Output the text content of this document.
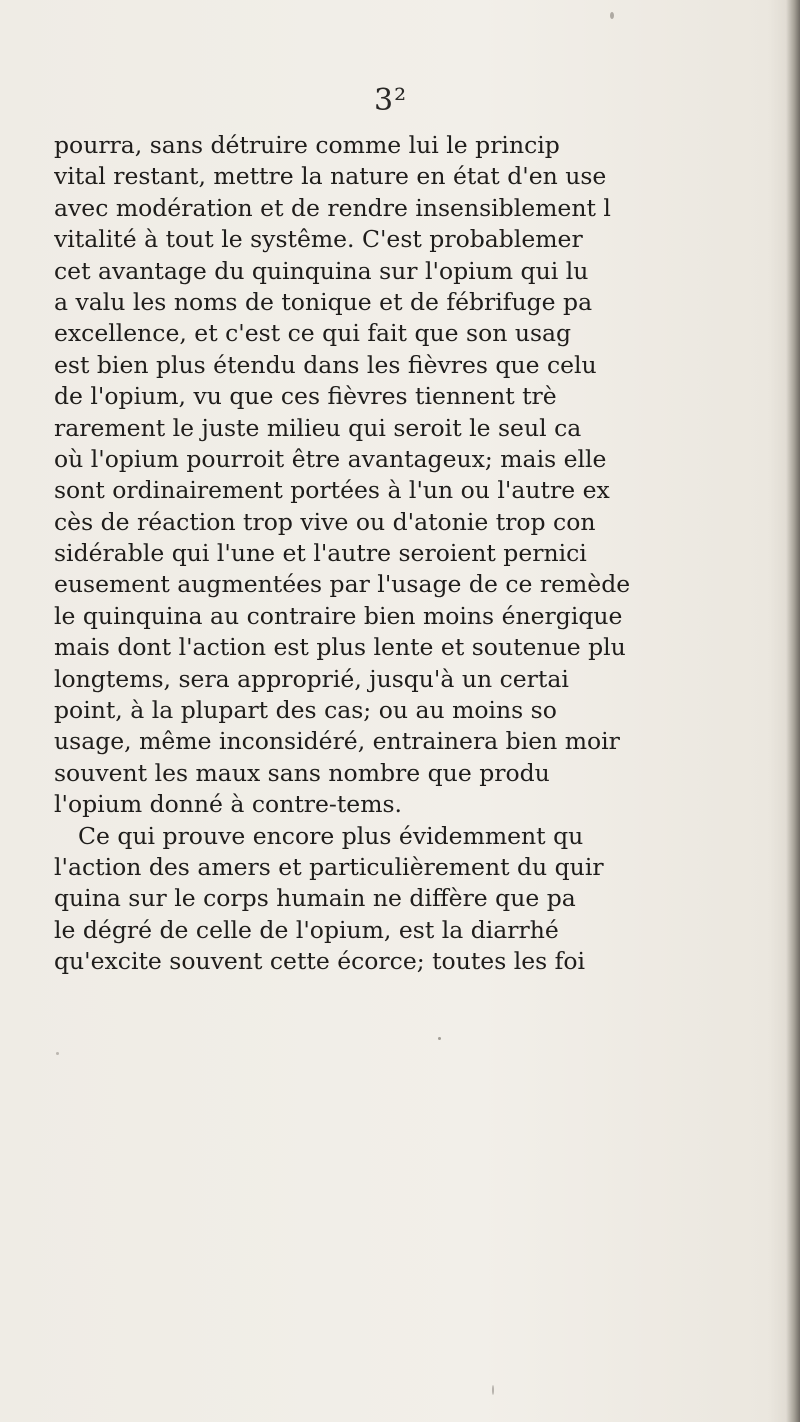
3²
pourra, sans détruire comme lui le princip
vital restant, mettre la nature en état d'en use
avec modération et de rendre insensiblement l
vitalité à tout le systême. C'est probablemer
cet avantage du quinquina sur l'opium qui lu
a valu les noms de tonique et de fébrifuge pa
excellence, et c'est ce qui fait que son usag
est bien plus étendu dans les fièvres que celu
de l'opium, vu que ces fièvres tiennent trè
rarement le juste milieu qui seroit le seul ca
où l'opium pourroit être avantageux; mais elle
sont ordinairement portées à l'un ou l'autre ex
cès de réaction trop vive ou d'atonie trop con
sidérable qui l'une et l'autre seroient pernici
eusement augmentées par l'usage de ce remède
le quinquina au contraire bien moins énergique
mais dont l'action est plus lente et soutenue plu
longtems, sera approprié, jusqu'à un certai
point, à la plupart des cas; ou au moins so
usage, même inconsidéré, entrainera bien moir
souvent les maux sans nombre que produ
l'opium donné à contre-tems.
Ce qui prouve encore plus évidemment qu
l'action des amers et particulièrement du quir
quina sur le corps humain ne diffère que pa
le dégré de celle de l'opium, est la diarrhé
qu'excite souvent cette écorce; toutes les foi
